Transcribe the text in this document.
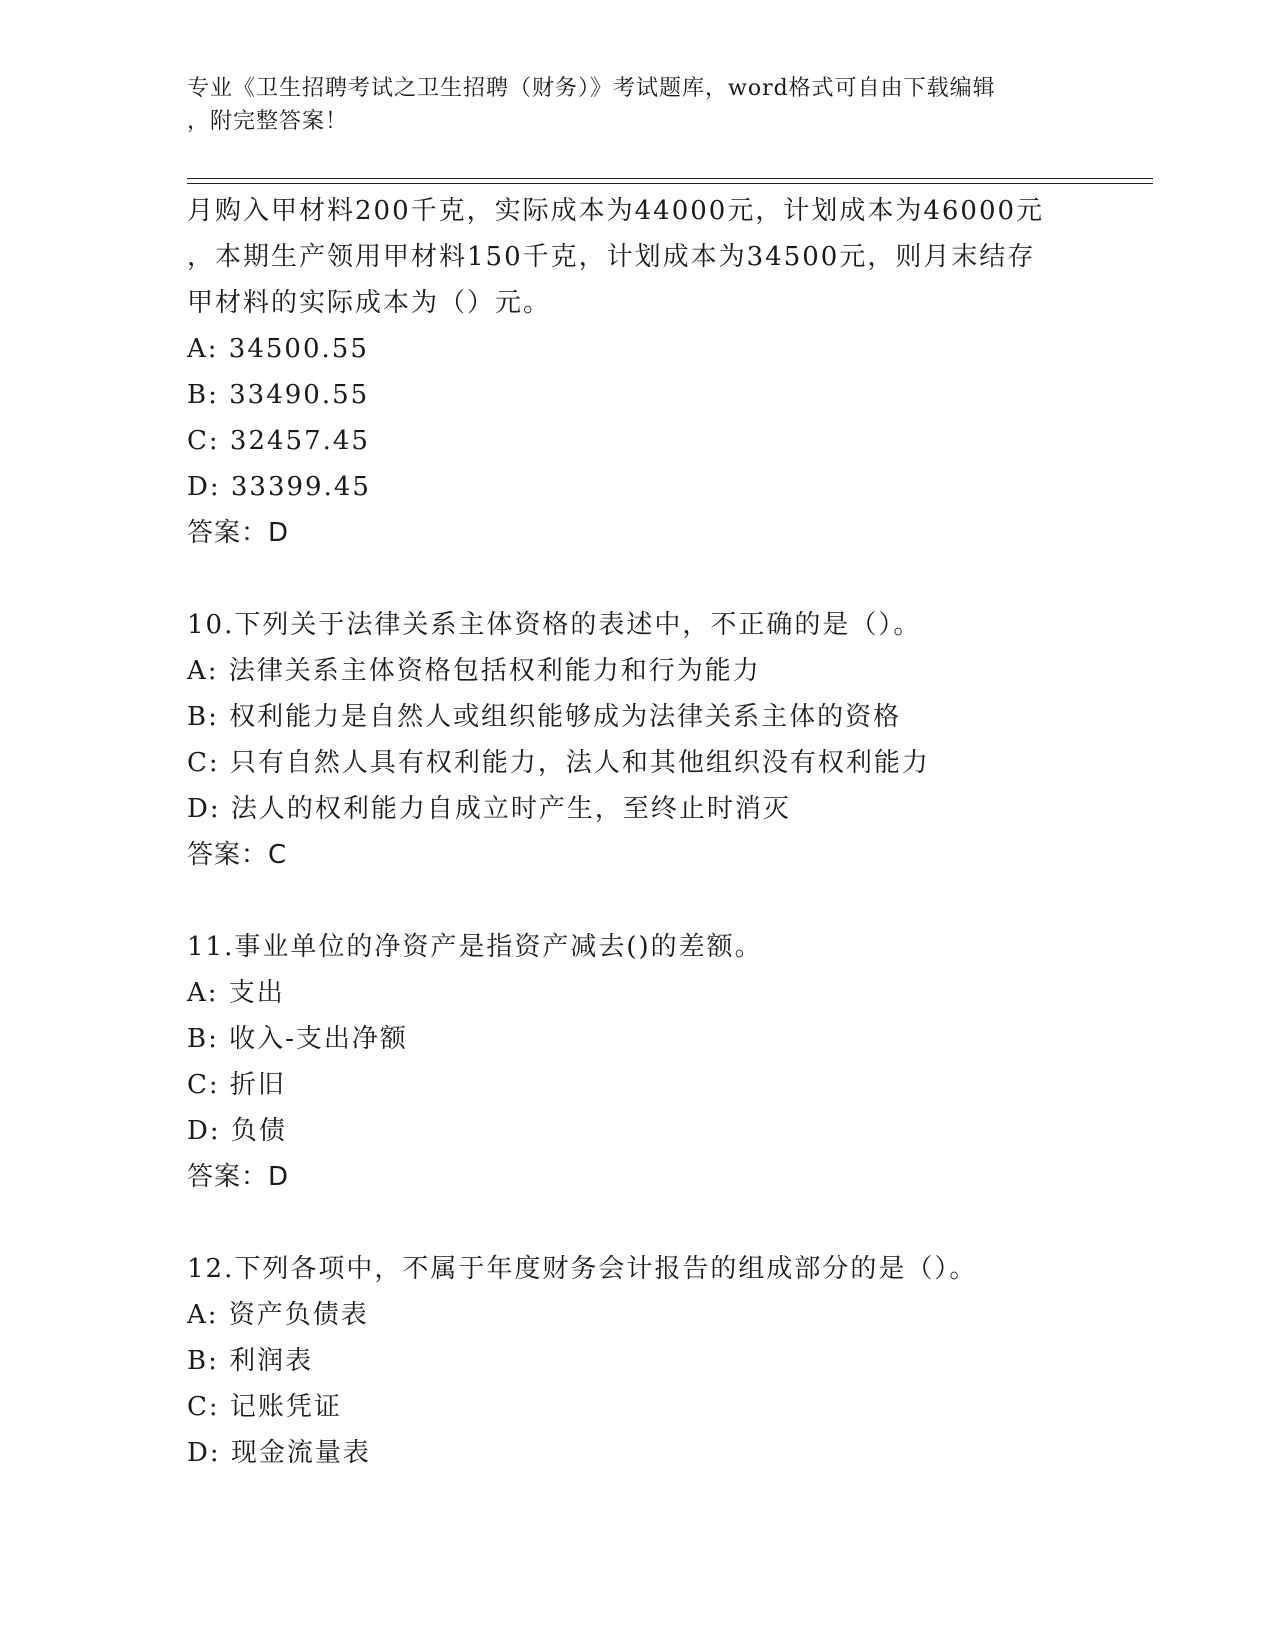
专业《卫生招聘考试之卫生招聘（财务）》考试题库，word格式可自由下载编辑
，附完整答案！
月购入甲材料200千克，实际成本为44000元，计划成本为46000元
，本期生产领用甲材料150千克，计划成本为34500元，则月末结存
甲材料的实际成本为（）元。
A: 34500.55
B: 33490.55
C: 32457.45
D: 33399.45
答案：D
10.下列关于法律关系主体资格的表述中，不正确的是（）。
A: 法律关系主体资格包括权利能力和行为能力
B: 权利能力是自然人或组织能够成为法律关系主体的资格
C: 只有自然人具有权利能力，法人和其他组织没有权利能力
D: 法人的权利能力自成立时产生，至终止时消灭
答案：C
11.事业单位的净资产是指资产减去()的差额。
A: 支出
B: 收入-支出净额
C: 折旧
D: 负债
答案：D
12.下列各项中，不属于年度财务会计报告的组成部分的是（）。
A: 资产负债表
B: 利润表
C: 记账凭证
D: 现金流量表
